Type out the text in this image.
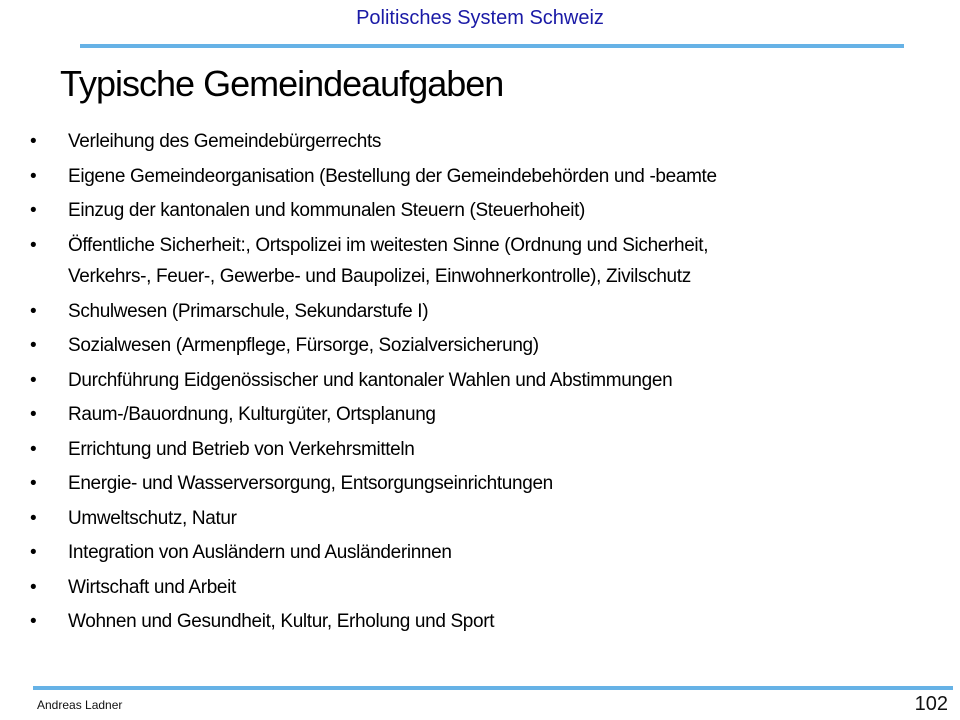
Politisches System Schweiz
Typische Gemeindeaufgaben
• Verleihung des Gemeindebürgerrechts
• Eigene Gemeindeorganisation (Bestellung der Gemeindebehörden und -beamte
• Einzug der kantonalen und kommunalen Steuern (Steuerhoheit)
• Öffentliche Sicherheit:, Ortspolizei im weitesten Sinne (Ordnung und Sicherheit,
Verkehrs-, Feuer-, Gewerbe- und Baupolizei, Einwohnerkontrolle), Zivilschutz
• Schulwesen (Primarschule, Sekundarstufe I)
• Sozialwesen (Armenpflege, Fürsorge, Sozialversicherung)
• Durchführung Eidgenössischer und kantonaler Wahlen und Abstimmungen
• Raum-/Bauordnung, Kulturgüter, Ortsplanung
• Errichtung und Betrieb von Verkehrsmitteln
• Energie- und Wasserversorgung, Entsorgungseinrichtungen
• Umweltschutz, Natur
• Integration von Ausländern und Ausländerinnen
• Wirtschaft und Arbeit
• Wohnen und Gesundheit, Kultur, Erholung und Sport
Andreas Ladner	102
